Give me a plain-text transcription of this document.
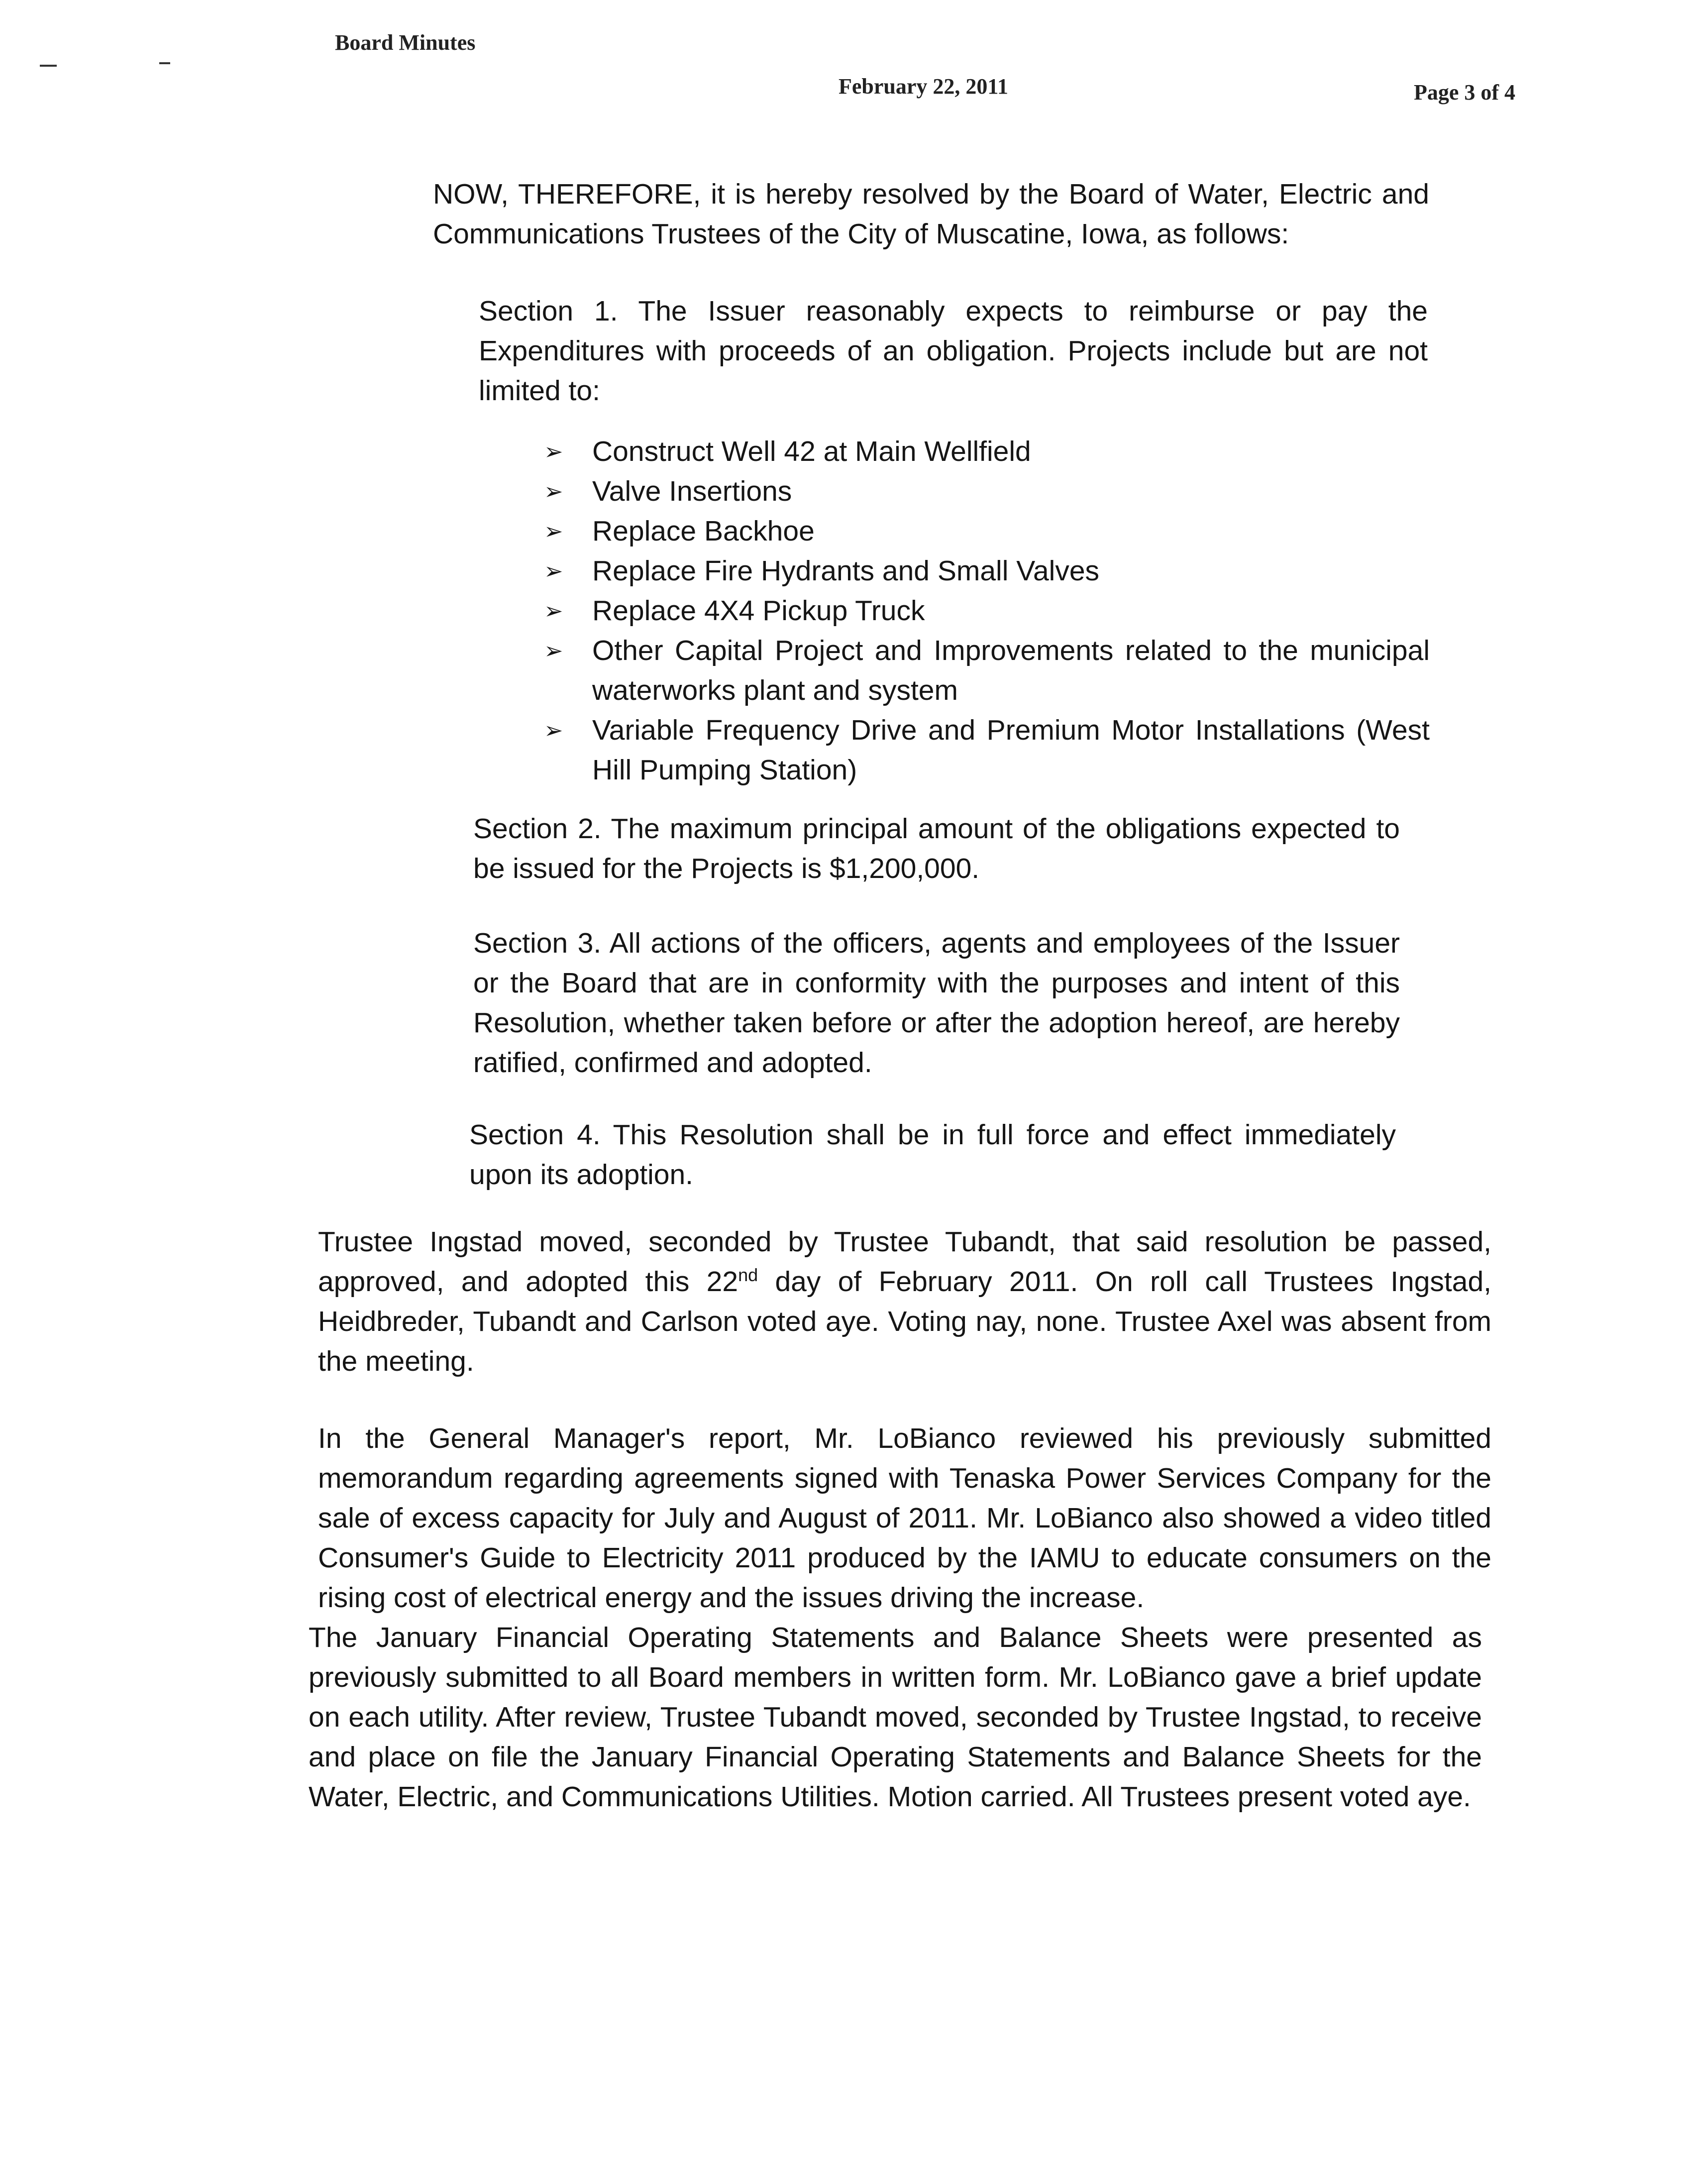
Board Minutes
February 22, 2011	Page 3 of 4

NOW, THEREFORE, it is hereby resolved by the Board of Water, Electric and Communications Trustees of the City of Muscatine, Iowa, as follows:

Section 1. The Issuer reasonably expects to reimburse or pay the Expenditures with proceeds of an obligation. Projects include but are not limited to:

➢ Construct Well 42 at Main Wellfield
➢ Valve Insertions
➢ Replace Backhoe
➢ Replace Fire Hydrants and Small Valves
➢ Replace 4X4 Pickup Truck
➢ Other Capital Project and Improvements related to the municipal waterworks plant and system
➢ Variable Frequency Drive and Premium Motor Installations (West Hill Pumping Station)

Section 2. The maximum principal amount of the obligations expected to be issued for the Projects is $1,200,000.

Section 3. All actions of the officers, agents and employees of the Issuer or the Board that are in conformity with the purposes and intent of this Resolution, whether taken before or after the adoption hereof, are hereby ratified, confirmed and adopted.

Section 4. This Resolution shall be in full force and effect immediately upon its adoption.

Trustee Ingstad moved, seconded by Trustee Tubandt, that said resolution be passed, approved, and adopted this 22nd day of February 2011. On roll call Trustees Ingstad, Heidbreder, Tubandt and Carlson voted aye. Voting nay, none. Trustee Axel was absent from the meeting.

In the General Manager's report, Mr. LoBianco reviewed his previously submitted memorandum regarding agreements signed with Tenaska Power Services Company for the sale of excess capacity for July and August of 2011. Mr. LoBianco also showed a video titled Consumer's Guide to Electricity 2011 produced by the IAMU to educate consumers on the rising cost of electrical energy and the issues driving the increase.

The January Financial Operating Statements and Balance Sheets were presented as previously submitted to all Board members in written form. Mr. LoBianco gave a brief update on each utility. After review, Trustee Tubandt moved, seconded by Trustee Ingstad, to receive and place on file the January Financial Operating Statements and Balance Sheets for the Water, Electric, and Communications Utilities. Motion carried. All Trustees present voted aye.
